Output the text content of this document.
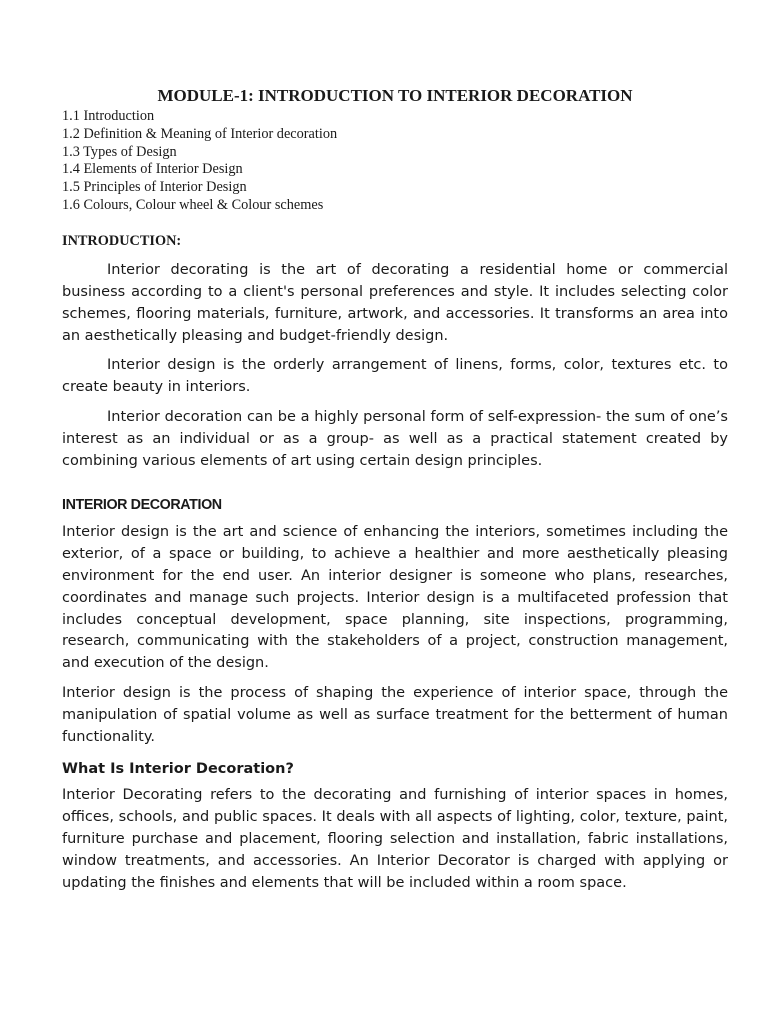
MODULE-1: INTRODUCTION TO INTERIOR DECORATION
1.1 Introduction
1.2 Definition & Meaning of Interior decoration
1.3 Types of Design
1.4 Elements of Interior Design
1.5 Principles of Interior Design
1.6 Colours, Colour wheel & Colour schemes
INTRODUCTION:

Interior decorating is the art of decorating a residential home or commercial business according to a client's personal preferences and style. It includes selecting color schemes, flooring materials, furniture, artwork, and accessories. It transforms an area into an aesthetically pleasing and budget-friendly design.

Interior design is the orderly arrangement of linens, forms, color, textures etc. to create beauty in interiors.

Interior decoration can be a highly personal form of self-expression- the sum of one’s interest as an individual or as a group- as well as a practical statement created by combining various elements of art using certain design principles.

INTERIOR DECORATION

Interior design is the art and science of enhancing the interiors, sometimes including the exterior, of a space or building, to achieve a healthier and more aesthetically pleasing environment for the end user. An interior designer is someone who plans, researches, coordinates and manage such projects. Interior design is a multifaceted profession that includes conceptual development, space planning, site inspections, programming, research, communicating with the stakeholders of a project, construction management, and execution of the design.

Interior design is the process of shaping the experience of interior space, through the manipulation of spatial volume as well as surface treatment for the betterment of human functionality.

What Is Interior Decoration?

Interior Decorating refers to the decorating and furnishing of interior spaces in homes, offices, schools, and public spaces. It deals with all aspects of lighting, color, texture, paint, furniture purchase and placement, flooring selection and installation, fabric installations, window treatments, and accessories. An Interior Decorator is charged with applying or updating the finishes and elements that will be included within a room space.
